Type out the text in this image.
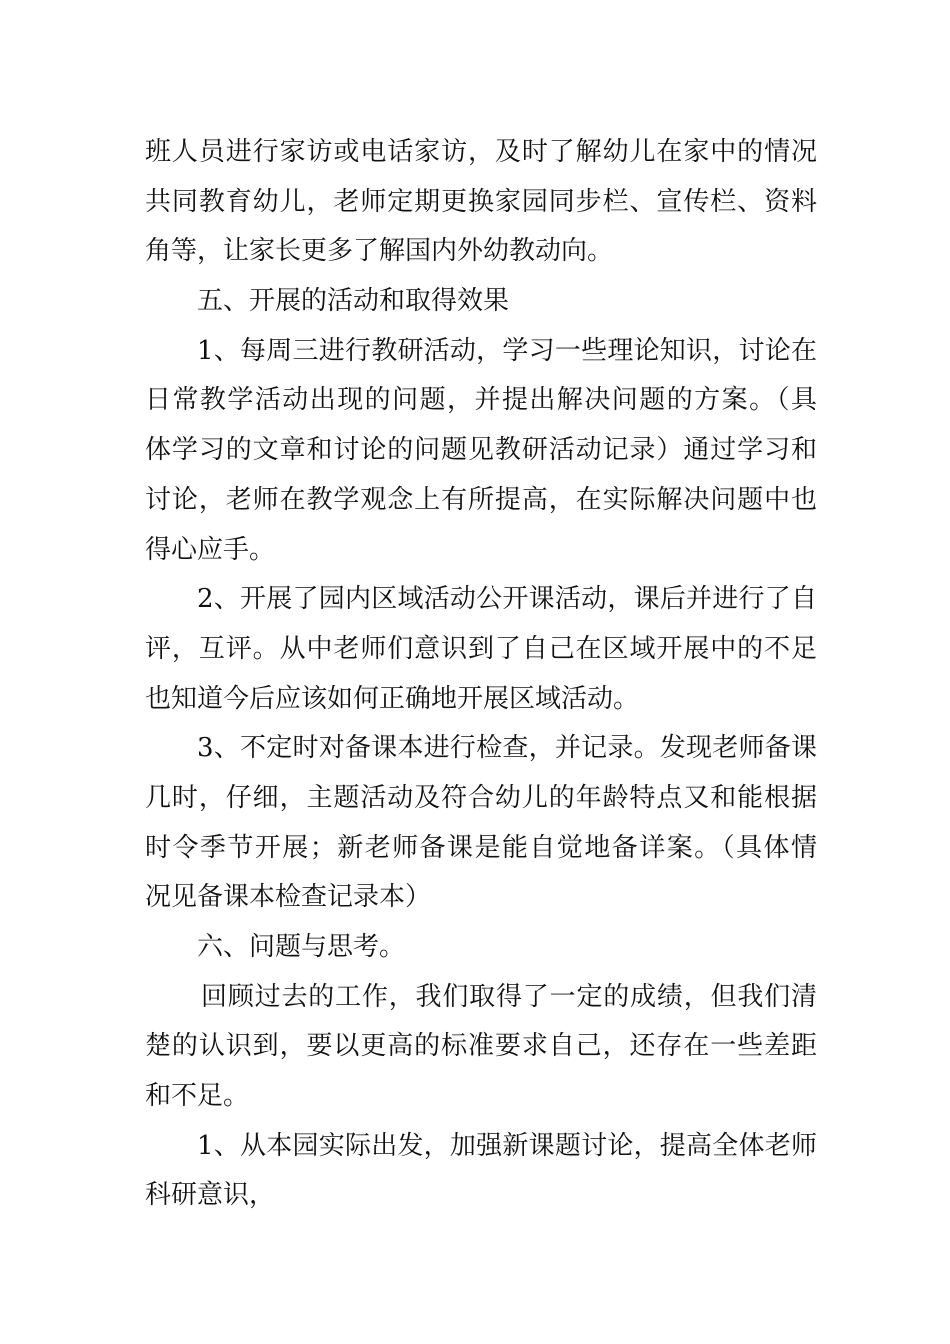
班人员进行家访或电话家访，及时了解幼儿在家中的情况
共同教育幼儿，老师定期更换家园同步栏、宣传栏、资料
角等，让家长更多了解国内外幼教动向。
五、开展的活动和取得效果
1、每周三进行教研活动，学习一些理论知识，讨论在
日常教学活动出现的问题，并提出解决问题的方案。（具
体学习的文章和讨论的问题见教研活动记录）通过学习和
讨论，老师在教学观念上有所提高，在实际解决问题中也
得心应手。
2、开展了园内区域活动公开课活动，课后并进行了自
评，互评。从中老师们意识到了自己在区域开展中的不足
也知道今后应该如何正确地开展区域活动。
3、不定时对备课本进行检查，并记录。发现老师备课
几时，仔细，主题活动及符合幼儿的年龄特点又和能根据
时令季节开展；新老师备课是能自觉地备详案。（具体情
况见备课本检查记录本）
六、问题与思考。
回顾过去的工作，我们取得了一定的成绩，但我们清
楚的认识到，要以更高的标准要求自己，还存在一些差距
和不足。
1、从本园实际出发，加强新课题讨论，提高全体老师
科研意识，
